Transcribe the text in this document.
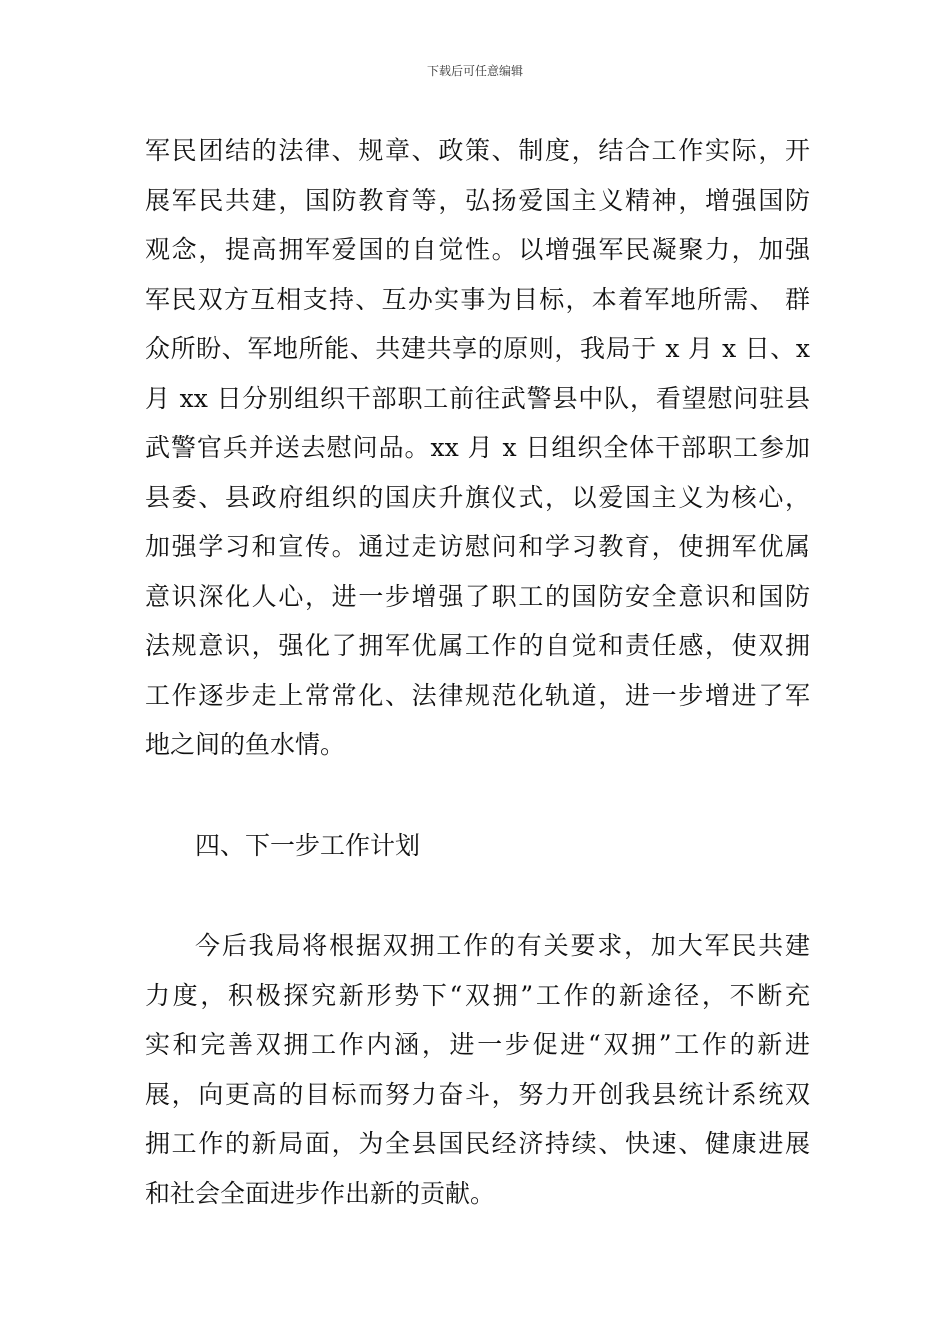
下载后可任意编辑
军民团结的法律、规章、政策、制度，结合工作实际，开
展军民共建，国防教育等，弘扬爱国主义精神，增强国防
观念，提高拥军爱国的自觉性。以增强军民凝聚力，加强
军民双方互相支持、互办实事为目标，本着军地所需、 群
众所盼、军地所能、共建共享的原则，我局于 x 月 x 日、x
月 xx 日分别组织干部职工前往武警县中队，看望慰问驻县
武警官兵并送去慰问品。xx 月 x 日组织全体干部职工参加
县委、县政府组织的国庆升旗仪式，以爱国主义为核心，
加强学习和宣传。通过走访慰问和学习教育，使拥军优属
意识深化人心，进一步增强了职工的国防安全意识和国防
法规意识，强化了拥军优属工作的自觉和责任感，使双拥
工作逐步走上常常化、法律规范化轨道，进一步增进了军
地之间的鱼水情。
四、下一步工作计划
今后我局将根据双拥工作的有关要求，加大军民共建
力度，积极探究新形势下“双拥”工作的新途径，不断充
实和完善双拥工作内涵，进一步促进“双拥”工作的新进
展，向更高的目标而努力奋斗，努力开创我县统计系统双
拥工作的新局面，为全县国民经济持续、快速、健康进展
和社会全面进步作出新的贡献。
